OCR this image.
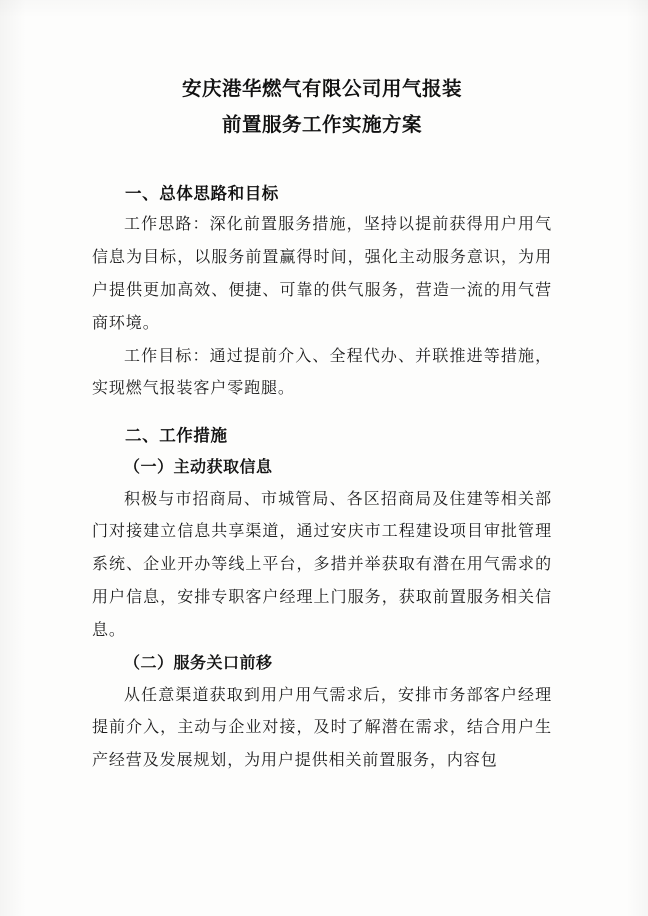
安庆港华燃气有限公司用气报装
前置服务工作实施方案
一、总体思路和目标
工作思路：深化前置服务措施，坚持以提前获得用户用气信息为目标，以服务前置赢得时间，强化主动服务意识，为用户提供更加高效、便捷、可靠的供气服务，营造一流的用气营商环境。
工作目标：通过提前介入、全程代办、并联推进等措施，实现燃气报装客户零跑腿。
二、工作措施
（一）主动获取信息
积极与市招商局、市城管局、各区招商局及住建等相关部门对接建立信息共享渠道，通过安庆市工程建设项目审批管理系统、企业开办等线上平台，多措并举获取有潜在用气需求的用户信息，安排专职客户经理上门服务，获取前置服务相关信息。
（二）服务关口前移
从任意渠道获取到用户用气需求后，安排市务部客户经理提前介入，主动与企业对接，及时了解潜在需求，结合用户生产经营及发展规划，为用户提供相关前置服务，内容包
